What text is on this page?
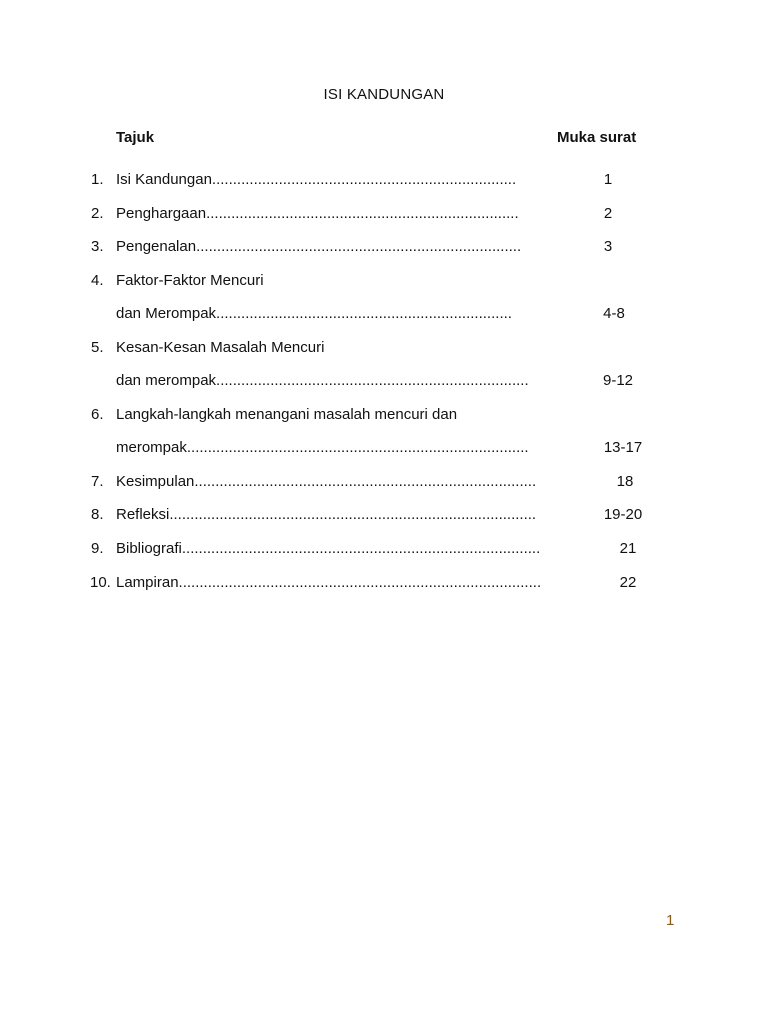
ISI KANDUNGAN
Tajuk	Muka surat
1. Isi Kandungan.........................................................................	1
2. Penghargaan...........................................................................	2
3. Pengenalan..............................................................................	3
4. Faktor-Faktor Mencuri
dan Merompak.......................................................................	4-8
5. Kesan-Kesan Masalah Mencuri
dan merompak...........................................................................	9-12
6. Langkah-langkah menangani masalah mencuri dan
merompak..................................................................................	13-17
7. Kesimpulan..................................................................................	18
8. Refleksi........................................................................................	19-20
9. Bibliografi......................................................................................	21
10. Lampiran.......................................................................................	22
1
